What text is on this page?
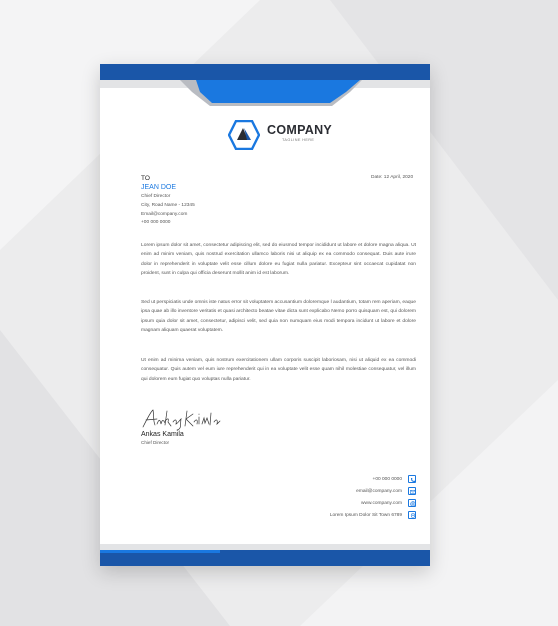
COMPANY
TAGLINE HERE
TO
JEAN DOE
Chief Director
City, Road Name - 12345
Email@company.com
+00 000 0000
Date: 12 April, 2020
Lorem ipsum dolor sit amet, consectetur adipiscing elit, sed do eiusmod tempor incididunt ut labore et dolore magna aliqua. Ut enim ad minim veniam, quis nostrud exercitation ullamco laboris nisi ut aliquip ex ea commodo consequat. Duis aute irure dolor in reprehenderit in voluptate velit esse cillum dolore eu fugiat nulla pariatur. Excepteur sint occaecat cupidatat non proident, sunt in culpa qui officia deserunt mollit anim id est laborum.
Sed ut perspiciatis unde omnis iste natus error sit voluptatem accusantium doloremque l audantium, totam rem aperiam, eaque ipsa quae ab illo inventore veritatis et quasi architecto beatae vitae dicta sunt explicabo Nemo porro quisquam est, qui dolorem ipsum quia dolor sit amet, consectetur, adipisci velit, sed quia non numquam eius modi tempora incidunt ut labore et dolore magnam aliquam quaerat voluptatem.
Ut enim ad minima veniam, quis nostrum exercitationem ullam corporis suscipit laboriosam, nisi ut aliquid ex ea commodi consequatur. Quis autem vel eum iure reprehenderit qui in ea voluptate velit esse quam nihil molestiae consequatur, vel illum qui dolorem eum fugiat quo voluptas nulla pariatur.
Ankas Kamila
Chief Director
+00 000 0000
email@company.com
www.company.com
Lorem Ipsum Dolor Sit Town 6789
